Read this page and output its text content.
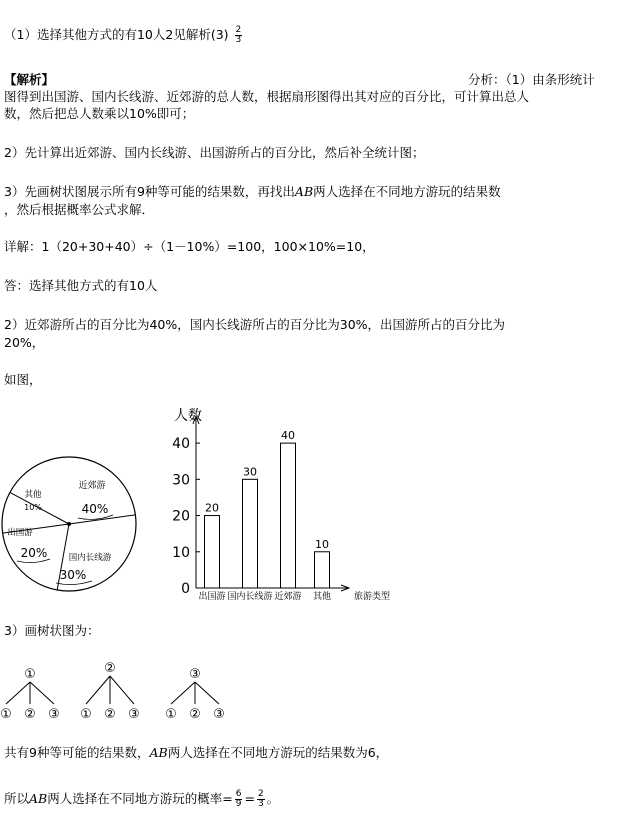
（1）选择其他方式的有10人2见解析$(3) \frac{2}{3}$
【解析】	分析：（1）由条形统计
图得到出国游、国内长线游、近郊游的总人数，根据扇形图得出其对应的百分比，可计算出总人
数，然后把总人数乘以10%即可；
2）先计算出近郊游、国内长线游、出国游所占的百分比，然后补全统计图；
3）先画树状图展示所有9种等可能的结果数，再找出AB两人选择在不同地方游玩的结果数
，然后根据概率公式求解．
详解：1（20+30+40）÷（1－10%）=100，100×10%=10，
答：选择其他方式的有10人
2）近郊游所占的百分比为40%，国内长线游所占的百分比为30%，出国游所占的百分比为
20%，
如图，
近郊游
40%
国内长线游
30%
出国游
20%
其他
10%
人数
0
10
20
30
40
20
出国游
30
国内长线游
40
近郊游
10
其他	旅游类型
3）画树状图为：
①
① ② ③
②
① ② ③
③
① ② ③
共有9种等可能的结果数，AB两人选择在不同地方游玩的结果数为6，
所以AB两人选择在不同地方游玩的概率= $\frac{6}{9} = \frac{2}{3}$ 。
